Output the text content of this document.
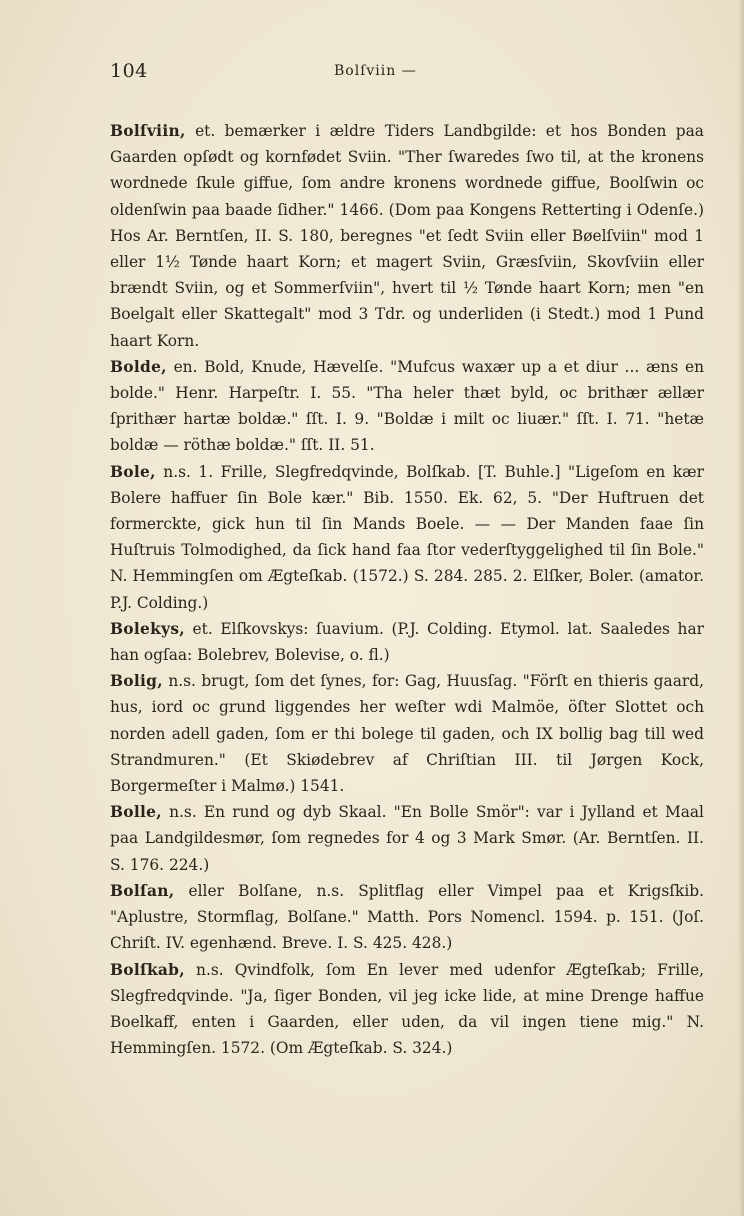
104	Bolſviin —

Bolſviin, et. bemærker i ældre Tiders Landbgilde: et hos Bonden paa Gaarden opſødt og kornfødet Sviin. "Ther ſwaredes ſwo til, at the kronens wordnede ſkule giffue, ſom andre kronens wordnede giffue, Boolſwin oc oldenſwin paa baade ſidher." 1466. (Dom paa Kongens Retterting i Odenſe.) Hos Ar. Berntſen, II. S. 180, beregnes "et ſedt Sviin eller Bøelſviin" mod 1 eller 1½ Tønde haart Korn; et magert Sviin, Græsſviin, Skovſviin eller brændt Sviin, og et Sommerſviin", hvert til ½ Tønde haart Korn; men "en Boelgalt eller Skattegalt" mod 3 Tdr. og underliden (i Stedt.) mod 1 Pund haart Korn.

Bolde, en. Bold, Knude, Hævelſe. "Mufcus waxær up a et diur ... æns en bolde." Henr. Harpeſtr. I. 55. "Tha heler thæt byld, oc brithær ællær ſprithær hartæ boldæ." ſſt. I. 9. "Boldæ i milt oc liuær." ſſt. I. 71. "hetæ boldæ — röthæ boldæ." ſſt. II. 51.

Bole, n.s. 1. Frille, Slegfredqvinde, Bolſkab. [T. Buhle.] "Ligeſom en kær Bolere haffuer ſin Bole kær." Bib. 1550. Ek. 62, 5. "Der Huftruen det formerckte, gick hun til ſin Mands Boele. — — Der Manden faae ſin Huſtruis Tolmodighed, da ſick hand faa ſtor vederſtyggelighed til ſin Bole." N. Hemmingſen om Ægteſkab. (1572.) S. 284. 285. 2. Elſker, Boler. (amator. P.J. Colding.)

Bolekys, et. Elſkovskys: ſuavium. (P.J. Colding. Etymol. lat. Saaledes har han ogſaa: Bolebrev, Bolevise, o. fl.)

Bolig, n.s. brugt, ſom det ſynes, for: Gag, Huusſag. "Förſt en thieris gaard, hus, iord oc grund liggendes her weſter wdi Malmöe, öſter Slottet och norden adell gaden, ſom er thi bolege til gaden, och IX bollig bag till wed Strandmuren." (Et Skiødebrev af Chriſtian III. til Jørgen Kock, Borgermeſter i Malmø.) 1541.

Bolle, n.s. En rund og dyb Skaal. "En Bolle Smör": var i Jylland et Maal paa Landgildesmør, ſom regnedes for 4 og 3 Mark Smør. (Ar. Berntſen. II. S. 176. 224.)

Bolſan, eller Bolſane, n.s. Splitflag eller Vimpel paa et Krigsſkib. "Aplustre, Stormflag, Bolſane." Matth. Pors Nomencl. 1594. p. 151. (Joſ. Chriſt. IV. egenhænd. Breve. I. S. 425. 428.)

Bolſkab, n.s. Qvindfolk, ſom En lever med udenfor Ægteſkab; Frille, Slegfredqvinde. "Ja, ſiger Bonden, vil jeg icke lide, at mine Drenge haffue Boelkaff, enten i Gaarden, eller uden, da vil ingen tiene mig." N. Hemmingſen. 1572. (Om Ægteſkab. S. 324.)
